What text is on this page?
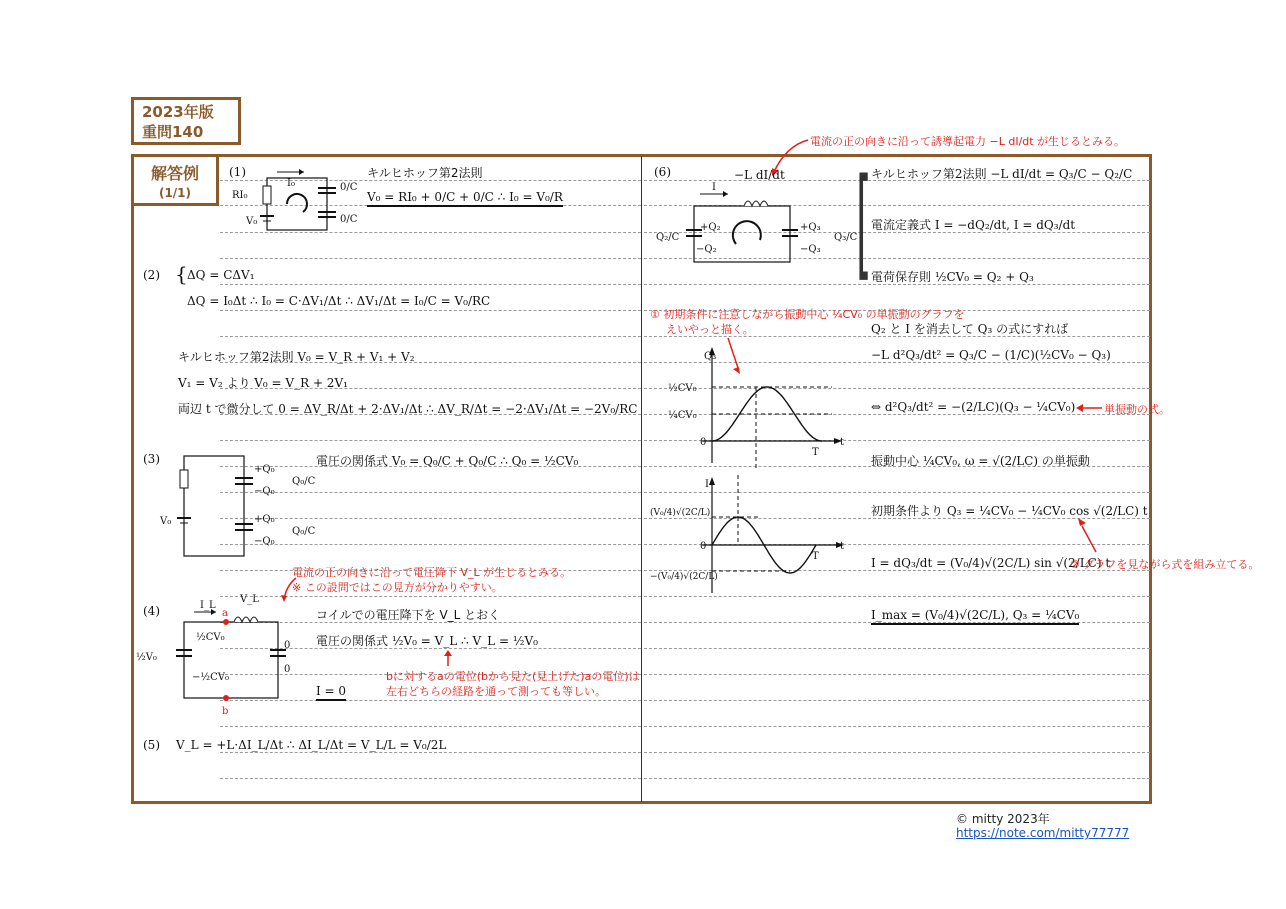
2023年版
重問140
解答例
(1/1)
(1)
RI₀
I₀
V₀
0/C
0/C
キルヒホッフ第2法則
V₀ = RI₀ + 0/C + 0/C ∴ I₀ = V₀/R
(2) { ΔQ = CΔV₁
ΔQ = I₀Δt ∴ I₀ = C·ΔV₁/Δt ∴ ΔV₁/Δt = I₀/C = V₀/RC
キルヒホッフ第2法則 V₀ = V_R + V₁ + V₂
V₁ = V₂ より V₀ = V_R + 2V₁
両辺 t で微分して 0 = ΔV_R/Δt + 2·ΔV₁/Δt ∴ ΔV_R/Δt = −2·ΔV₁/Δt = −2V₀/RC
(3)
V₀
+Q₀
−Q₀
+Q₀
−Q₀
Q₀/C
Q₀/C
電圧の関係式 V₀ = Q₀/C + Q₀/C ∴ Q₀ = ½CV₀
電流の正の向きに沿って電圧降下 V_L が生じるとみる。
※ この設問ではこの見方が分かりやすい。
(4)	I_L
V_L
a
b
½V₀
½CV₀
−½CV₀
0
0
コイルでの電圧降下を V_L とおく
電圧の関係式 ½V₀ = V_L ∴ V_L = ½V₀
I = 0
bに対するaの電位(bから見た(見上げた)aの電位)は
左右どちらの経路を通って測っても等しい。
(5) V_L = +L·ΔI_L/Δt ∴ ΔI_L/Δt = V_L/L = V₀/2L
電流の正の向きに沿って誘導起電力 −L dI/dt が生じるとみる。
(6)	−L dI/dt
I
Q₂/C
+Q₂
−Q₂
+Q₃
−Q₃
Q₃/C
[ キルヒホッフ第2法則 −L dI/dt = Q₃/C − Q₂/C
電流定義式 I = −dQ₂/dt, I = dQ₃/dt
電荷保存則 ½CV₀ = Q₂ + Q₃
① 初期条件に注意しながら振動中心 ¼CV₀ の単振動のグラフを
えいやっと描く。
Q₃
½CV₀
¼CV₀
0
T
t
I
(V₀/4)√(2C/L)
−(V₀/4)√(2C/L)
0
T
t
Q₂ と I を消去して Q₃ の式にすれば
−L d²Q₃/dt² = Q₃/C − (1/C)(½CV₀ − Q₃)
⇔ d²Q₃/dt² = −(2/LC)(Q₃ − ¼CV₀)	単振動の式。
振動中心 ¼CV₀, ω = √(2/LC) の単振動
初期条件より Q₃ = ¼CV₀ − ¼CV₀ cos √(2/LC) t
I = dQ₃/dt = (V₀/4)√(2C/L) sin √(2/LC) t
② グラフを見ながら式を組み立てる。
I_max = (V₀/4)√(2C/L), Q₃ = ¼CV₀
© mitty 2023年
https://note.com/mitty77777
